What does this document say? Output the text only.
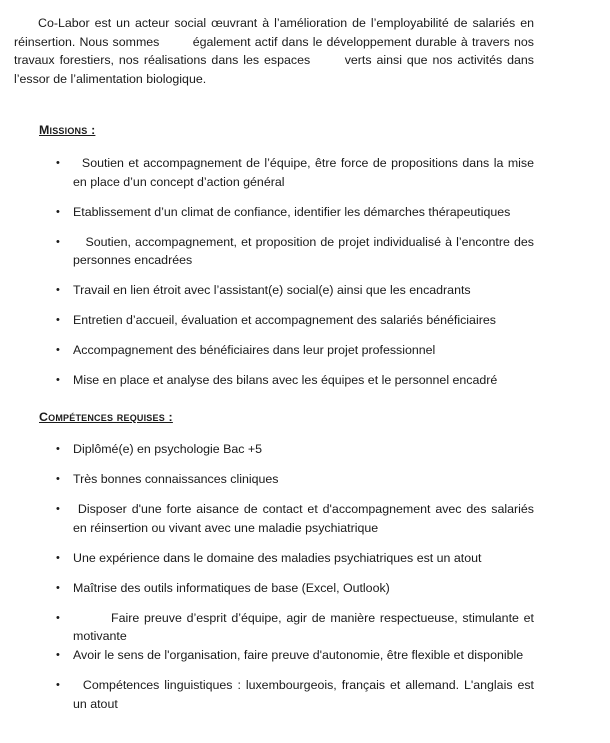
Co-Labor est un acteur social œuvrant à l’amélioration de l’employabilité de salariés en réinsertion. Nous sommes        également actif dans le développement durable à travers nos travaux forestiers, nos réalisations dans les espaces       verts ainsi que nos activités dans l’essor de l’alimentation biologique.

Missions :
• Soutien et accompagnement de l’équipe, être force de propositions dans la mise en place d’un concept d’action général
• Etablissement d’un climat de confiance, identifier les démarches thérapeutiques
• Soutien, accompagnement, et proposition de projet individualisé à l’encontre des personnes encadrées
• Travail en lien étroit avec l’assistant(e) social(e) ainsi que les encadrants
• Entretien d’accueil, évaluation et accompagnement des salariés bénéficiaires
• Accompagnement des bénéficiaires dans leur projet professionnel
• Mise en place et analyse des bilans avec les équipes et le personnel encadré
Compétences requises :
• Diplômé(e) en psychologie Bac +5
• Très bonnes connaissances cliniques
• Disposer d'une forte aisance de contact et d'accompagnement avec des salariés en réinsertion ou vivant avec une maladie psychiatrique
• Une expérience dans le domaine des maladies psychiatriques est un atout
• Maîtrise des outils informatiques de base (Excel, Outlook)
• Faire preuve d’esprit d’équipe, agir de manière respectueuse, stimulante et motivante
• Avoir le sens de l'organisation, faire preuve d'autonomie, être flexible et disponible
• Compétences linguistiques : luxembourgeois, français et allemand. L'anglais est un atout
